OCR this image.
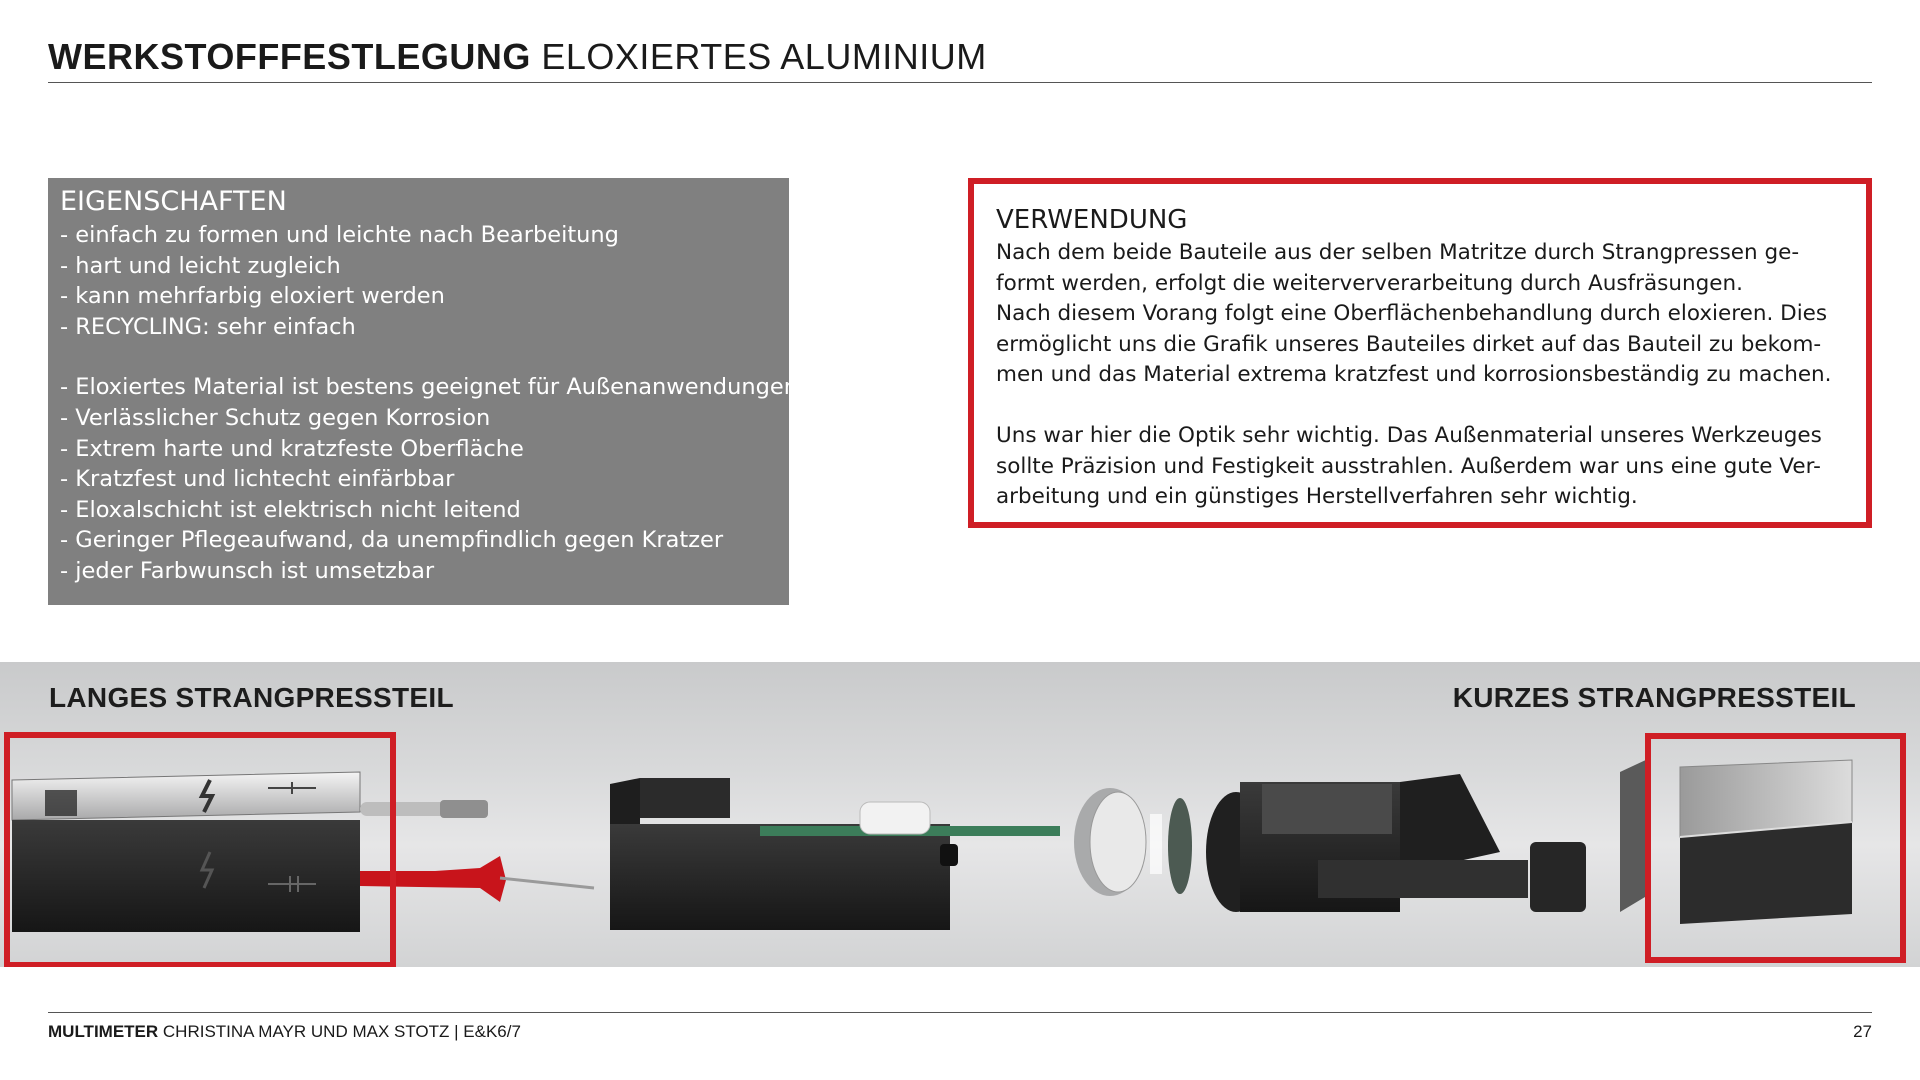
WERKSTOFFFESTLEGUNG ELOXIERTES ALUMINIUM
EIGENSCHAFTEN
- einfach zu formen und leichte nach Bearbeitung
- hart und leicht zugleich
- kann mehrfarbig eloxiert werden
- RECYCLING: sehr einfach
- Eloxiertes Material ist bestens geeignet für Außenanwendungen
- Verlässlicher Schutz gegen Korrosion
- Extrem harte und kratzfeste Oberfläche
- Kratzfest und lichtecht einfärbbar
- Eloxalschicht ist elektrisch nicht leitend
- Geringer Pflegeaufwand, da unempfindlich gegen Kratzer
- jeder Farbwunsch ist umsetzbar
VERWENDUNG

Nach dem beide Bauteile aus der selben Matritze durch Strangpressen ge-
formt werden, erfolgt die weiterververarbeitung durch Ausfräsungen.
Nach diesem Vorang folgt eine Oberflächenbehandlung durch eloxieren. Dies
ermöglicht uns die Grafik unseres Bauteiles dirket auf das Bauteil zu bekom-
men und das Material extrema kratzfest und korrosionsbeständig zu machen.

Uns war hier die Optik sehr wichtig. Das Außenmaterial unseres Werkzeuges
sollte Präzision und Festigkeit ausstrahlen. Außerdem war uns eine gute Ver-
arbeitung und ein günstiges Herstellverfahren sehr wichtig.

LANGES STRANGPRESSTEIL	KURZES STRANGPRESSTEIL
MULTIMETER CHRISTINA MAYR UND MAX STOTZ | E&K6/7	27
